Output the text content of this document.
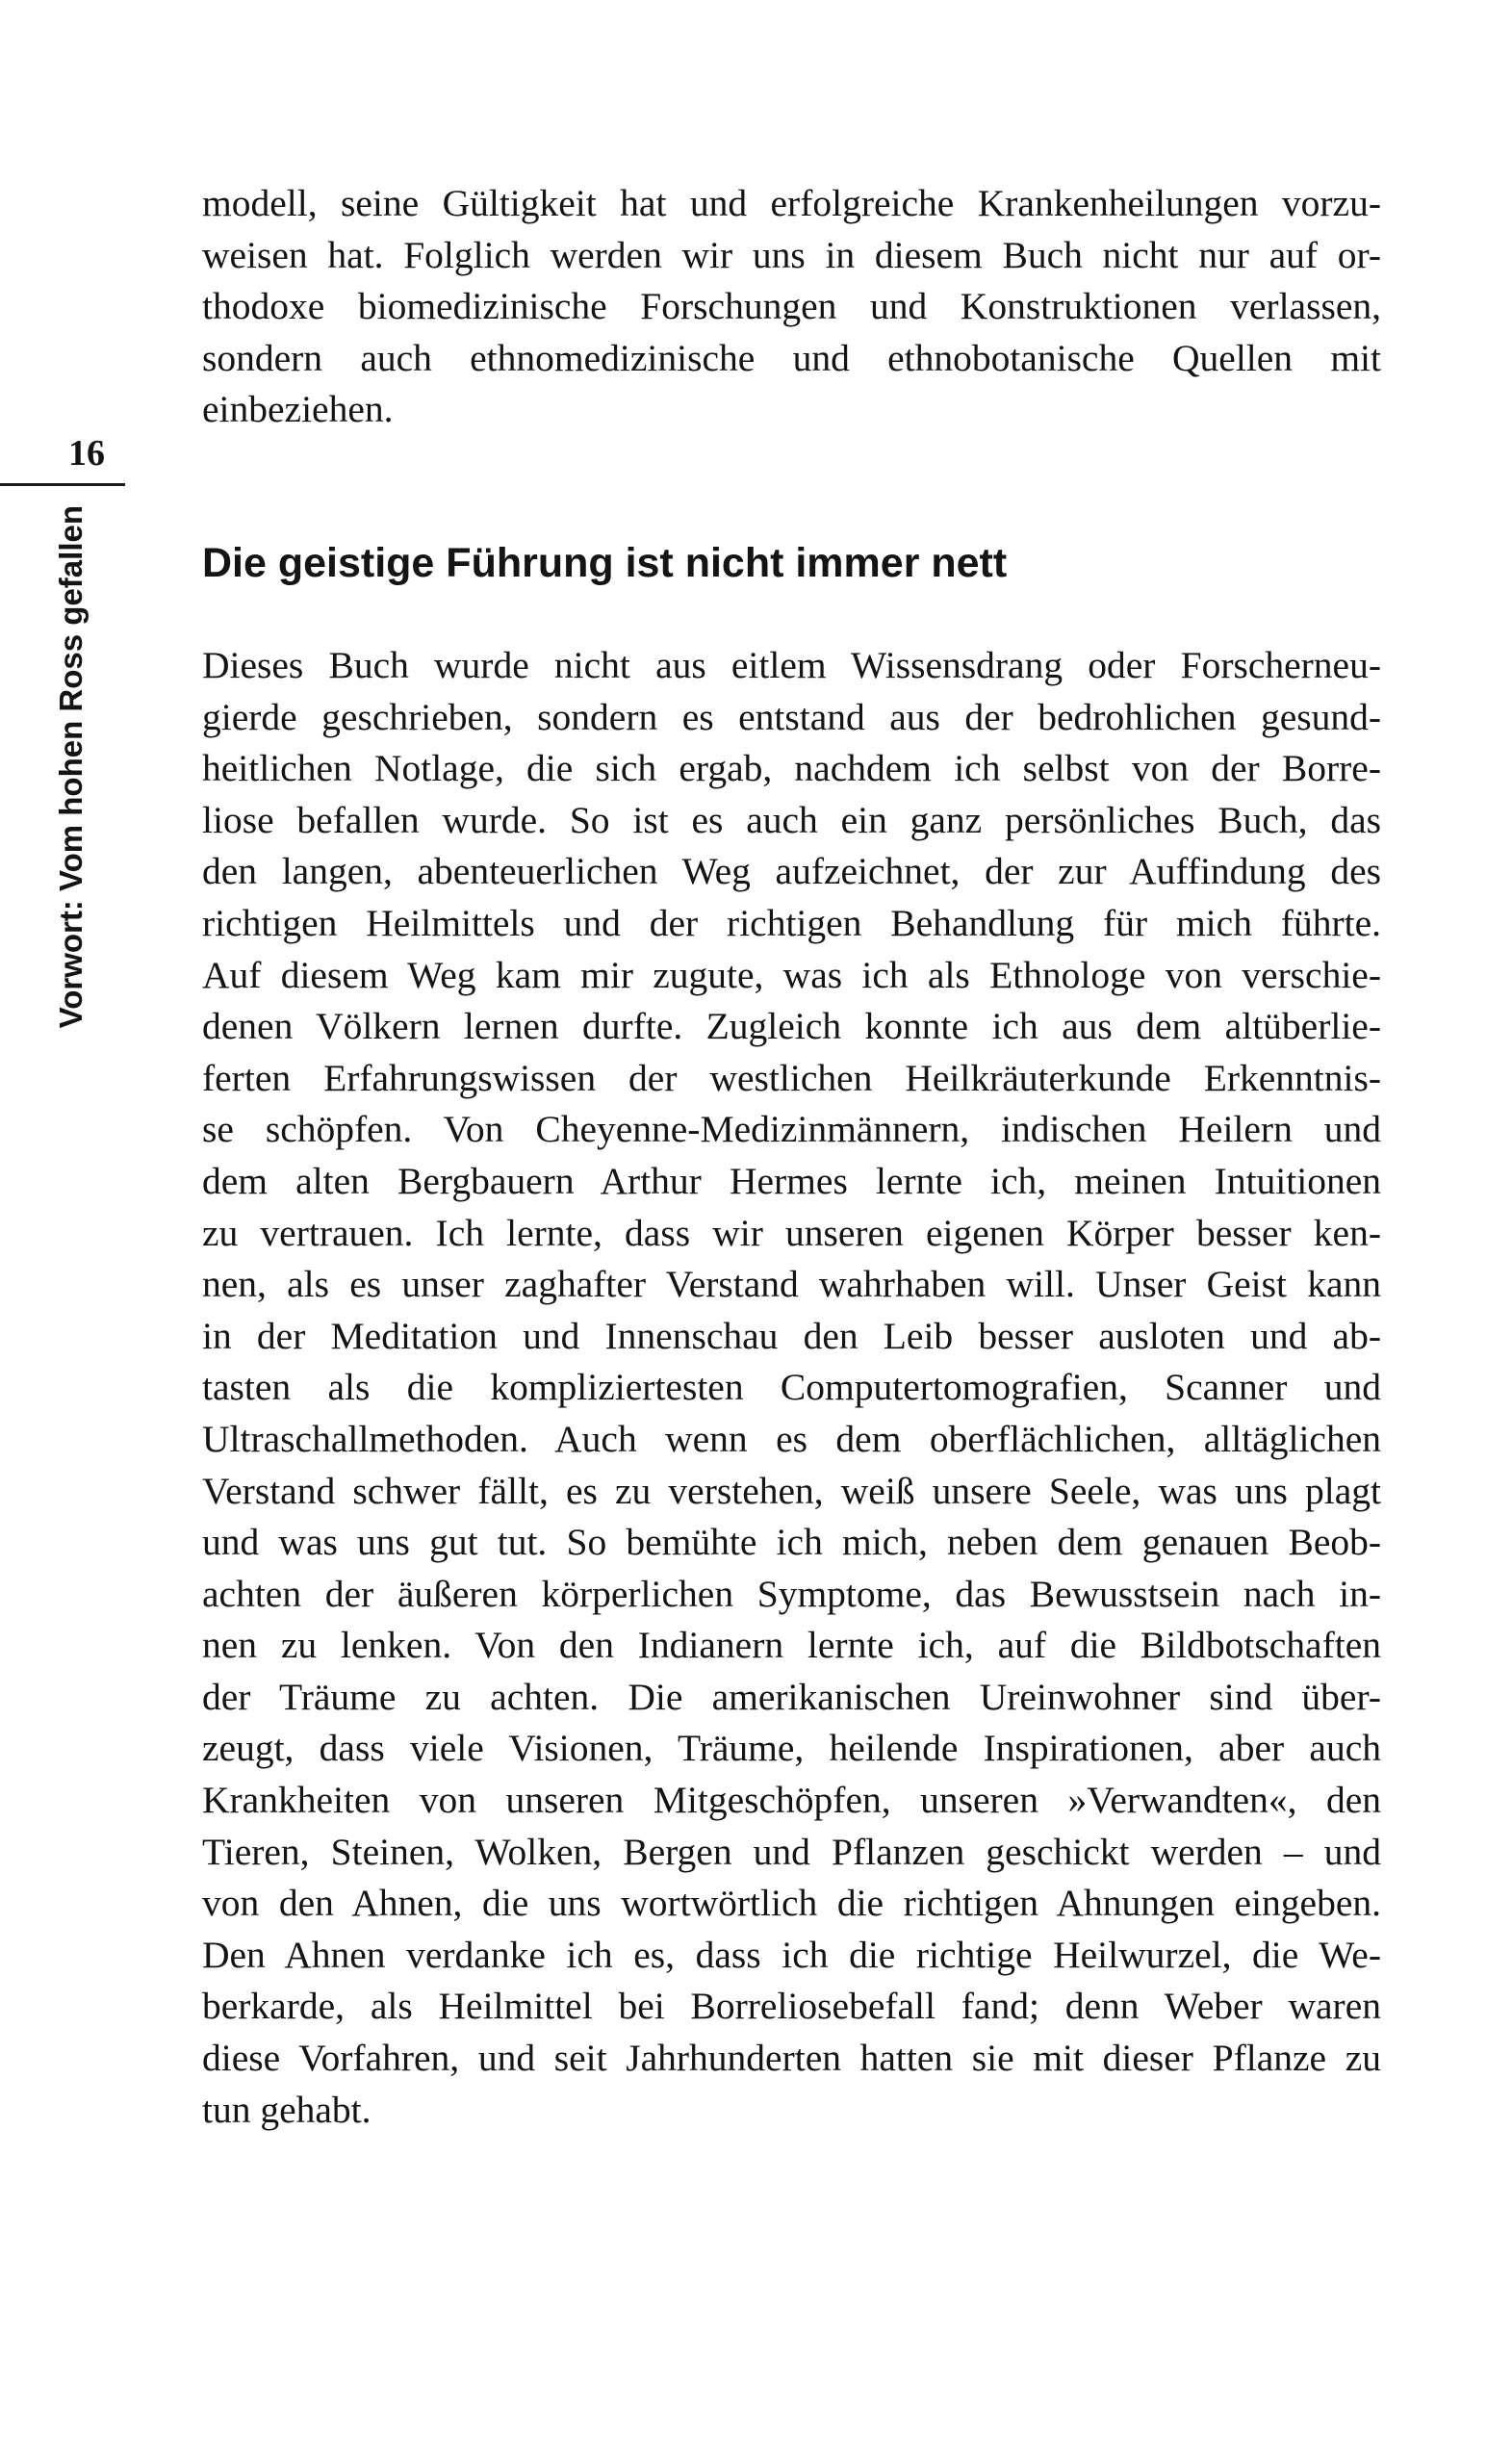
16
Vorwort: Vom hohen Ross gefallen
modell, seine Gültigkeit hat und erfolgreiche Krankenheilungen vorzu-
weisen hat. Folglich werden wir uns in diesem Buch nicht nur auf or-
thodoxe biomedizinische Forschungen und Konstruktionen verlassen,
sondern auch ethnomedizinische und ethnobotanische Quellen mit
einbeziehen.
Die geistige Führung ist nicht immer nett
Dieses Buch wurde nicht aus eitlem Wissensdrang oder Forscherneu-
gierde geschrieben, sondern es entstand aus der bedrohlichen gesund-
heitlichen Notlage, die sich ergab, nachdem ich selbst von der Borre-
liose befallen wurde. So ist es auch ein ganz persönliches Buch, das
den langen, abenteuerlichen Weg aufzeichnet, der zur Auffindung des
richtigen Heilmittels und der richtigen Behandlung für mich führte.
Auf diesem Weg kam mir zugute, was ich als Ethnologe von verschie-
denen Völkern lernen durfte. Zugleich konnte ich aus dem altüberlie-
ferten Erfahrungswissen der westlichen Heilkräuterkunde Erkenntnis-
se schöpfen. Von Cheyenne-Medizinmännern, indischen Heilern und
dem alten Bergbauern Arthur Hermes lernte ich, meinen Intuitionen
zu vertrauen. Ich lernte, dass wir unseren eigenen Körper besser ken-
nen, als es unser zaghafter Verstand wahrhaben will. Unser Geist kann
in der Meditation und Innenschau den Leib besser ausloten und ab-
tasten als die kompliziertesten Computertomografien, Scanner und
Ultraschallmethoden. Auch wenn es dem oberflächlichen, alltäglichen
Verstand schwer fällt, es zu verstehen, weiß unsere Seele, was uns plagt
und was uns gut tut. So bemühte ich mich, neben dem genauen Beob-
achten der äußeren körperlichen Symptome, das Bewusstsein nach in-
nen zu lenken. Von den Indianern lernte ich, auf die Bildbotschaften
der Träume zu achten. Die amerikanischen Ureinwohner sind über-
zeugt, dass viele Visionen, Träume, heilende Inspirationen, aber auch
Krankheiten von unseren Mitgeschöpfen, unseren »Verwandten«, den
Tieren, Steinen, Wolken, Bergen und Pflanzen geschickt werden – und
von den Ahnen, die uns wortwörtlich die richtigen Ahnungen eingeben.
Den Ahnen verdanke ich es, dass ich die richtige Heilwurzel, die We-
berkarde, als Heilmittel bei Borreliosebefall fand; denn Weber waren
diese Vorfahren, und seit Jahrhunderten hatten sie mit dieser Pflanze zu
tun gehabt.
